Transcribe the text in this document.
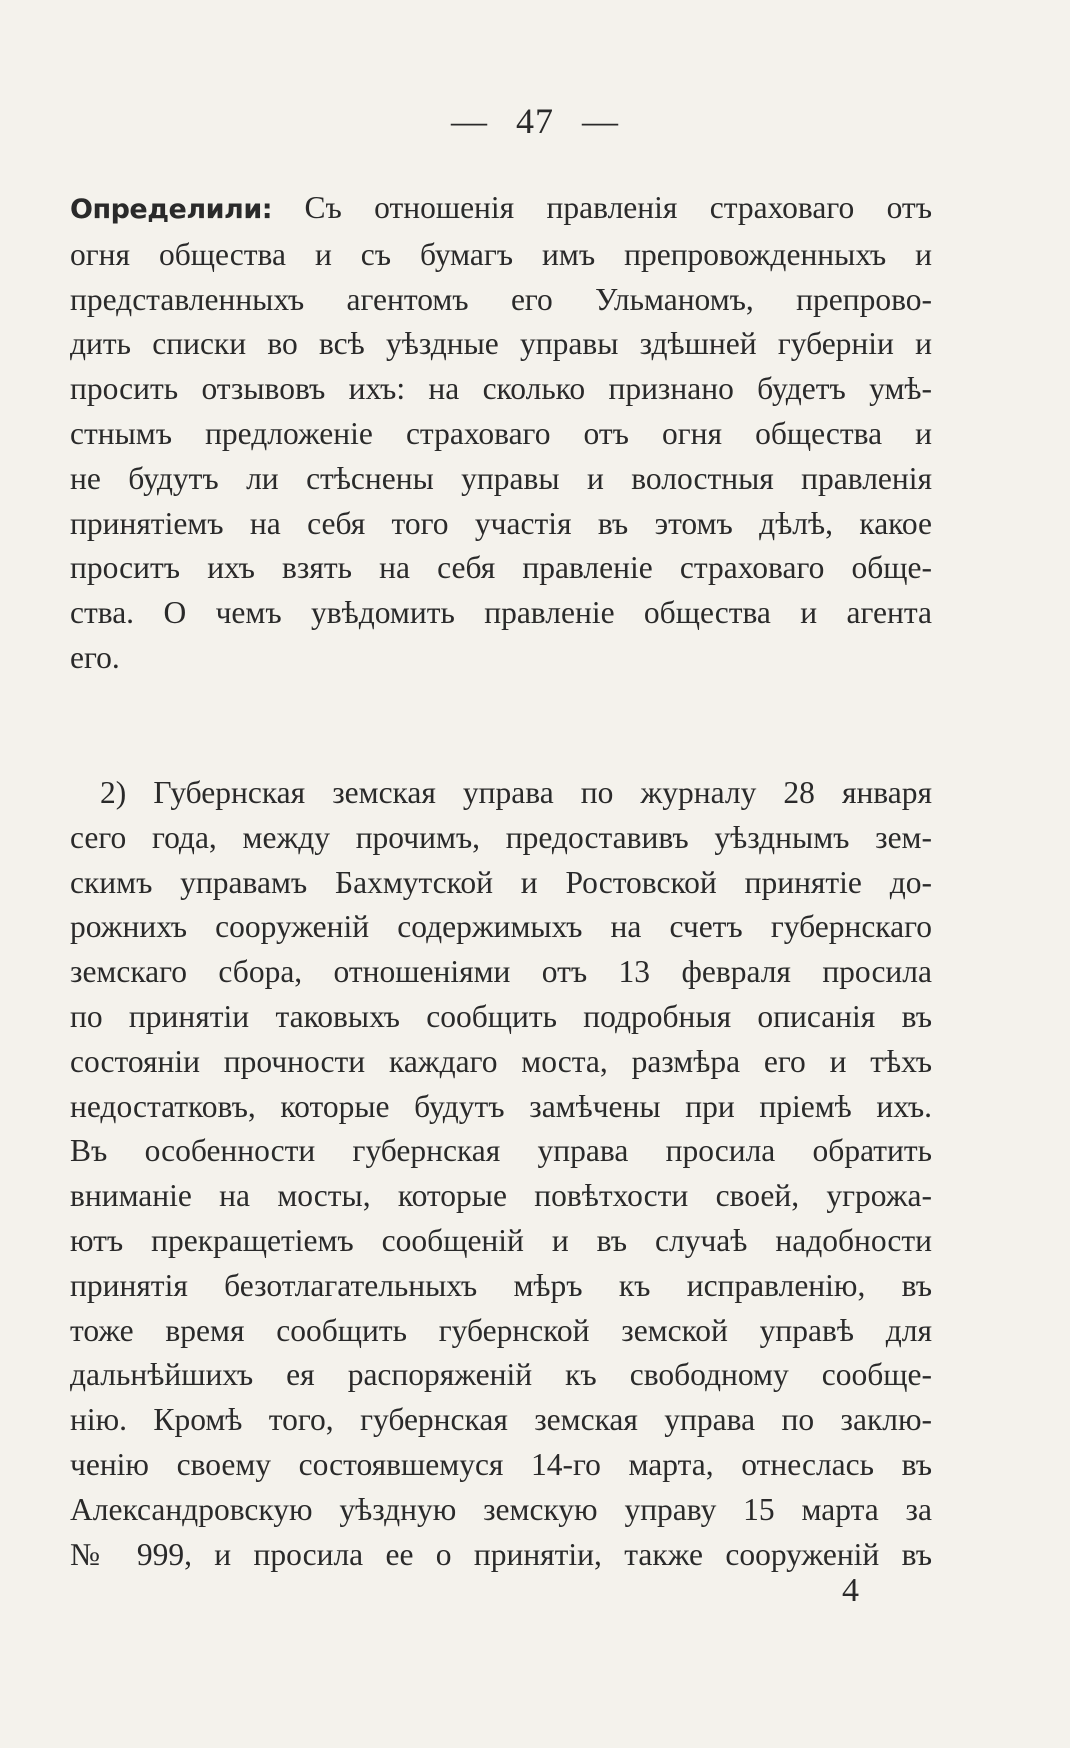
— 47 —
Определили: Съ отношенія правленія страховаго отъ
огня общества и съ бумагъ имъ препровожденныхъ и
представленныхъ агентомъ его Ульманомъ, препрово-
дить списки во всѣ уѣздные управы здѣшней губерніи и
просить отзывовъ ихъ: на сколько признано будетъ умѣ-
стнымъ предложеніе страховаго отъ огня общества и
не будутъ ли стѣснены управы и волостныя правленія
принятіемъ на себя того участія въ этомъ дѣлѣ, какое
проситъ ихъ взять на себя правленіе страховаго обще-
ства. О чемъ увѣдомить правленіе общества и агента
его.
2) Губернская земская управа по журналу 28 января
сего года, между прочимъ, предоставивъ уѣзднымъ зем-
скимъ управамъ Бахмутской и Ростовской принятіе до-
рожнихъ сооруженій содержимыхъ на счетъ губернскаго
земскаго сбора, отношеніями отъ 13 февраля просила
по принятіи таковыхъ сообщить подробныя описанія въ
состояніи прочности каждаго моста, размѣра его и тѣхъ
недостатковъ, которые будутъ замѣчены при пріемѣ ихъ.
Въ особенности губернская управа просила обратить
вниманіе на мосты, которые повѣтхости своей, угрожа-
ютъ прекращетіемъ сообщеній и въ случаѣ надобности
принятія безотлагательныхъ мѣръ къ исправленію, въ
тоже время сообщить губернской земской управѣ для
дальнѣйшихъ ея распоряженій къ свободному сообще-
нію. Кромѣ того, губернская земская управа по заклю-
ченію своему состоявшемуся 14-го марта, отнеслась въ
Александровскую уѣздную земскую управу 15 марта за
№ 999, и просила ее о принятіи, также сооруженій въ
4
